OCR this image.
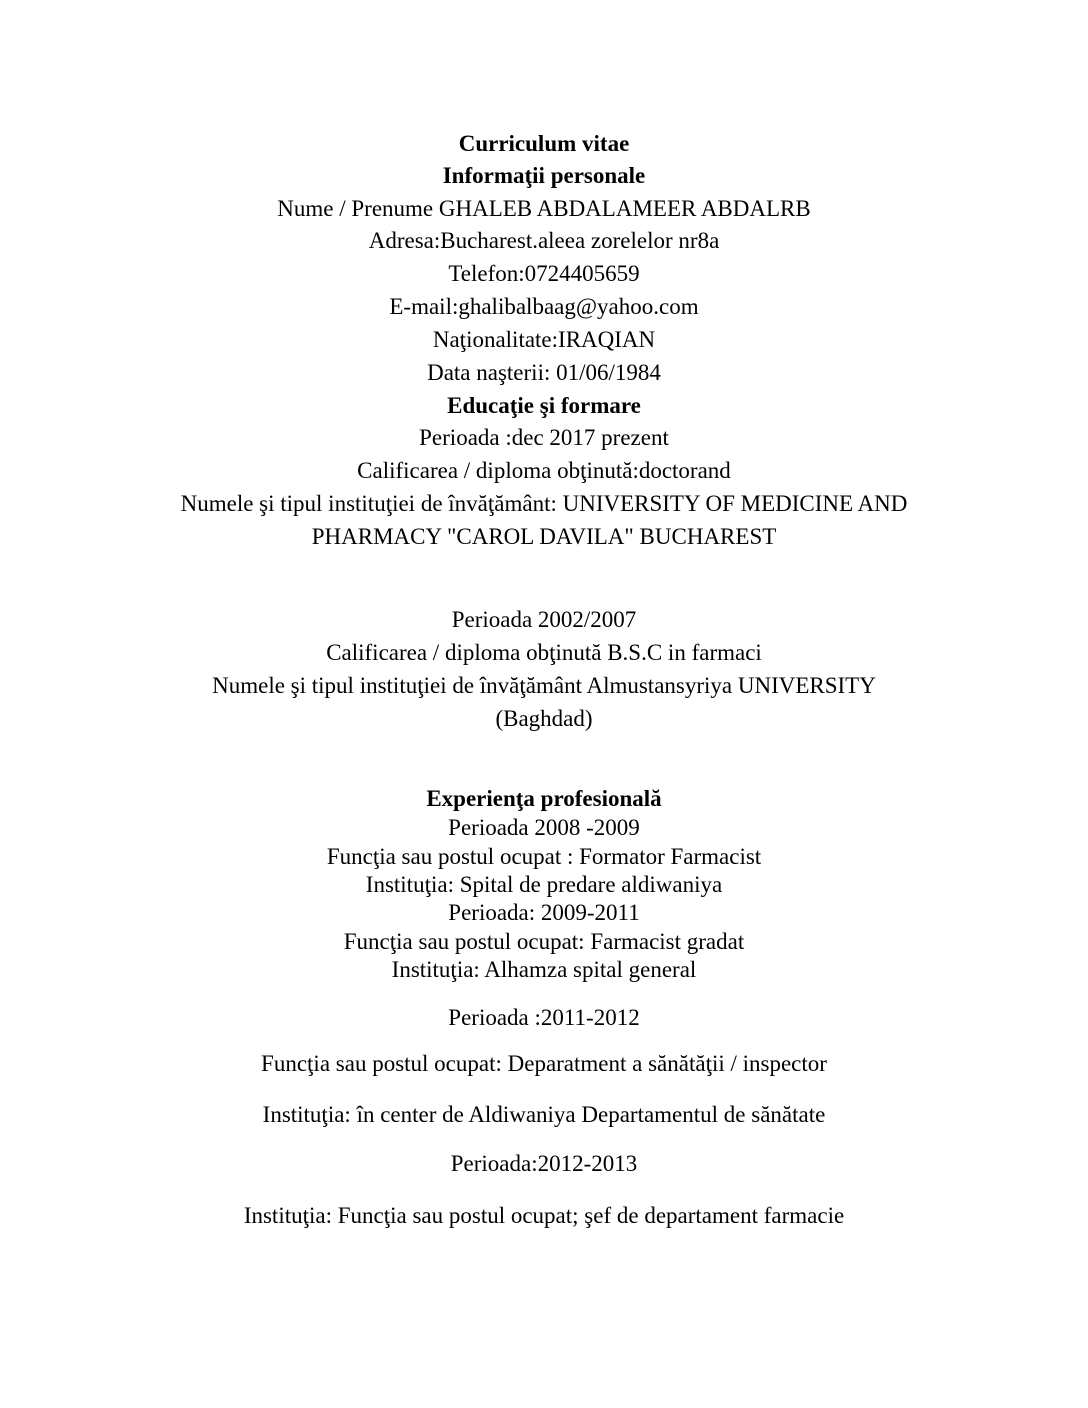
Curriculum vitae
Informaţii personale
Nume / Prenume GHALEB ABDALAMEER ABDALRB
Adresa:Bucharest.aleea zorelelor nr8a
Telefon:0724405659
E-mail:ghalibalbaag@yahoo.com
Naţionalitate:IRAQIAN
Data naşterii: 01/06/1984
Educaţie şi formare
Perioada :dec 2017 prezent
Calificarea / diploma obţinută:doctorand
Numele şi tipul instituţiei de învăţământ: UNIVERSITY OF MEDICINE AND
PHARMACY "CAROL DAVILA" BUCHAREST
Perioada 2002/2007
Calificarea / diploma obţinută B.S.C in farmaci
Numele şi tipul instituţiei de învăţământ Almustansyriya UNIVERSITY
(Baghdad)
Experienţa profesională
Perioada 2008 -2009
Funcţia sau postul ocupat : Formator Farmacist
Instituţia: Spital de predare aldiwaniya
Perioada: 2009-2011
Funcţia sau postul ocupat: Farmacist gradat
Instituţia: Alhamza spital general
Perioada :2011-2012
Funcţia sau postul ocupat: Deparatment a sănătăţii / inspector
Instituţia: în center de Aldiwaniya Departamentul de sănătate
Perioada:2012-2013
Instituţia: Funcţia sau postul ocupat; şef de departament farmacie
